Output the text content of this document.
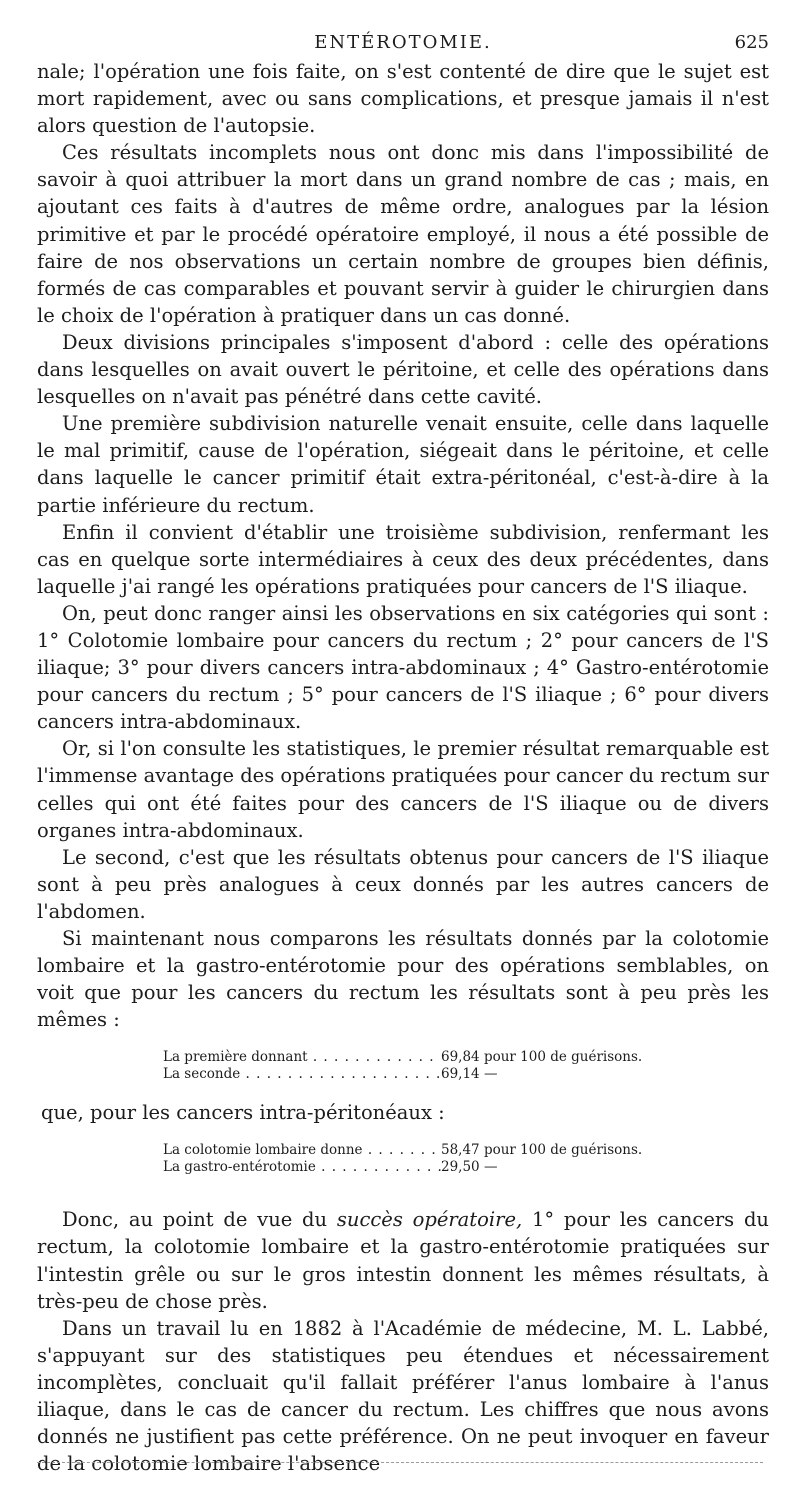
ENTÉROTOMIE.	625

nale; l'opération une fois faite, on s'est contenté de dire que le sujet est mort rapidement, avec ou sans complications, et presque jamais il n'est alors question de l'autopsie.

Ces résultats incomplets nous ont donc mis dans l'impossibilité de savoir à quoi attribuer la mort dans un grand nombre de cas ; mais, en ajoutant ces faits à d'autres de même ordre, analogues par la lésion primitive et par le procédé opératoire employé, il nous a été possible de faire de nos observations un certain nombre de groupes bien définis, formés de cas comparables et pouvant servir à guider le chirurgien dans le choix de l'opération à pratiquer dans un cas donné.

Deux divisions principales s'imposent d'abord : celle des opérations dans lesquelles on avait ouvert le péritoine, et celle des opérations dans lesquelles on n'avait pas pénétré dans cette cavité.

Une première subdivision naturelle venait ensuite, celle dans laquelle le mal primitif, cause de l'opération, siégeait dans le péritoine, et celle dans laquelle le cancer primitif était extra-péritonéal, c'est-à-dire à la partie inférieure du rectum.

Enfin il convient d'établir une troisième subdivision, renfermant les cas en quelque sorte intermédiaires à ceux des deux précédentes, dans laquelle j'ai rangé les opérations pratiquées pour cancers de l'S iliaque.

On, peut donc ranger ainsi les observations en six catégories qui sont : 1° Colotomie lombaire pour cancers du rectum ; 2° pour cancers de l'S iliaque; 3° pour divers cancers intra-abdominaux ; 4° Gastro-entérotomie pour cancers du rectum ; 5° pour cancers de l'S iliaque ; 6° pour divers cancers intra-abdominaux.

Or, si l'on consulte les statistiques, le premier résultat remarquable est l'immense avantage des opérations pratiquées pour cancer du rectum sur celles qui ont été faites pour des cancers de l'S iliaque ou de divers organes intra-abdominaux.

Le second, c'est que les résultats obtenus pour cancers de l'S iliaque sont à peu près analogues à ceux donnés par les autres cancers de l'abdomen.

Si maintenant nous comparons les résultats donnés par la colotomie lombaire et la gastro-entérotomie pour des opérations semblables, on voit que pour les cancers du rectum les résultats sont à peu près les mêmes :

La première donnant . . .	69,84 pour 100 de guérisons.
La seconde . . .	69,14 —
que, pour les cancers intra-péritonéaux :
La colotomie lombaire donne . . .	58,47 pour 100 de guérisons.
La gastro-entérotomie . . .	29,50 —

Donc, au point de vue du succès opératoire, 1° pour les cancers du rectum, la colotomie lombaire et la gastro-entérotomie pratiquées sur l'intestin grêle ou sur le gros intestin donnent les mêmes résultats, à très-peu de chose près.

Dans un travail lu en 1882 à l'Académie de médecine, M. L. Labbé, s'appuyant sur des statistiques peu étendues et nécessairement incomplètes, concluait qu'il fallait préférer l'anus lombaire à l'anus iliaque, dans le cas de cancer du rectum. Les chiffres que nous avons donnés ne justifient pas cette préférence. On ne peut invoquer en faveur de la colotomie lombaire l'absence
